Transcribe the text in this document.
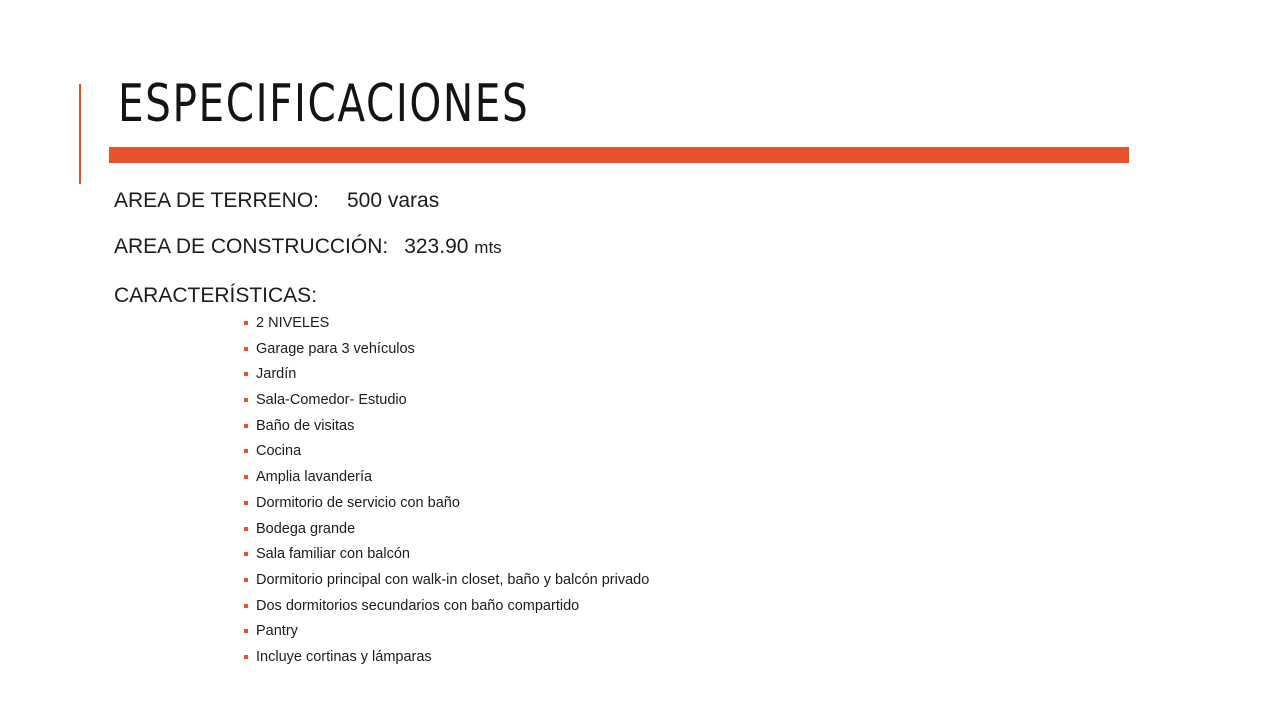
ESPECIFICACIONES
AREA DE TERRENO: 500 varas
AREA DE CONSTRUCCIÓN: 323.90 mts
CARACTERÍSTICAS:
2 NIVELES
Garage para 3 vehículos
Jardín
Sala-Comedor- Estudio
Baño de visitas
Cocina
Amplia lavandería
Dormitorio de servicio con baño
Bodega grande
Sala familiar con balcón
Dormitorio principal con walk-in closet, baño y balcón privado
Dos dormitorios secundarios con baño compartido
Pantry
Incluye cortinas y lámparas
